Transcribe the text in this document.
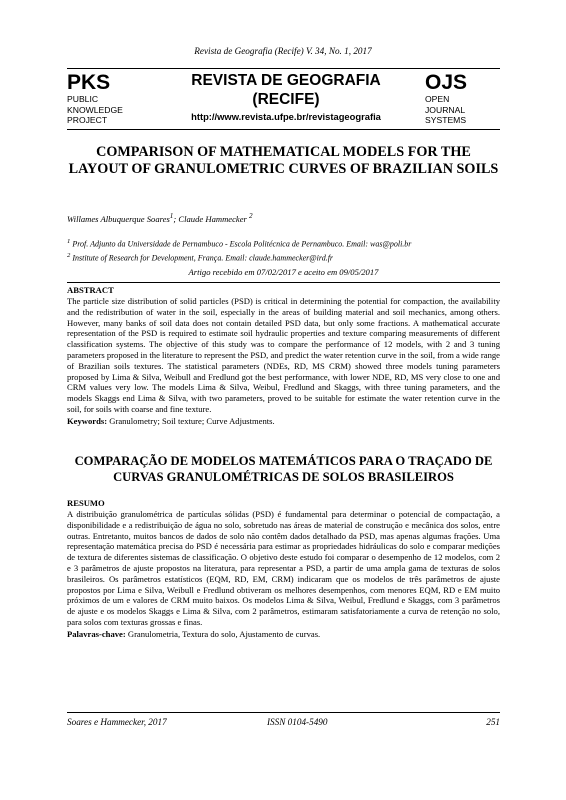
Revista de Geografia (Recife) V. 34, No. 1, 2017
PKS
PUBLIC
KNOWLEDGE
PROJECT
REVISTA DE GEOGRAFIA
(RECIFE)
http://www.revista.ufpe.br/revistageografia
OJS
OPEN
JOURNAL
SYSTEMS
COMPARISON OF MATHEMATICAL MODELS FOR THE LAYOUT OF GRANULOMETRIC CURVES OF BRAZILIAN SOILS
Willames Albuquerque Soares$^1$; Claude Hammecker $^2$
$^1$ Prof. Adjunto da Universidade de Pernambuco - Escola Politécnica de Pernambuco. Email: was@poli.br
$^2$ Institute of Research for Development, França. Email: claude.hammecker@ird.fr
Artigo recebido em 07/02/2017 e aceito em 09/05/2017
ABSTRACT
The particle size distribution of solid particles (PSD) is critical in determining the potential for compaction, the availability and the redistribution of water in the soil, especially in the areas of building material and soil mechanics, among others. However, many banks of soil data does not contain detailed PSD data, but only some fractions. A mathematical accurate representation of the PSD is required to estimate soil hydraulic properties and texture comparing measurements of different classification systems. The objective of this study was to compare the performance of 12 models, with 2 and 3 tuning parameters proposed in the literature to represent the PSD, and predict the water retention curve in the soil, from a wide range of Brazilian soils textures. The statistical parameters (NDEs, RD, MS CRM) showed three models tuning parameters proposed by Lima & Silva, Weibull and Fredlund got the best performance, with lower NDE, RD, MS very close to one and CRM values very low. The models Lima & Silva, Weibul, Fredlund and Skaggs, with three tuning parameters, and the models Skaggs end Lima & Silva, with two parameters, proved to be suitable for estimate the water retention curve in the soil, for soils with coarse and fine texture.
Keywords: Granulometry; Soil texture; Curve Adjustments.
COMPARAÇÃO DE MODELOS MATEMÁTICOS PARA O TRAÇADO DE CURVAS GRANULOMÉTRICAS DE SOLOS BRASILEIROS
RESUMO
A distribuição granulométrica de partículas sólidas (PSD) é fundamental para determinar o potencial de compactação, a disponibilidade e a redistribuição de água no solo, sobretudo nas áreas de material de construção e mecânica dos solos, entre outras. Entretanto, muitos bancos de dados de solo não contêm dados detalhado da PSD, mas apenas algumas frações. Uma representação matemática precisa do PSD é necessária para estimar as propriedades hidráulicas do solo e comparar medições de textura de diferentes sistemas de classificação. O objetivo deste estudo foi comparar o desempenho de 12 modelos, com 2 e 3 parâmetros de ajuste propostos na literatura, para representar a PSD, a partir de uma ampla gama de texturas de solos brasileiros. Os parâmetros estatísticos (EQM, RD, EM, CRM) indicaram que os modelos de três parâmetros de ajuste propostos por Lima e Silva, Weibull e Fredlund obtiveram os melhores desempenhos, com menores EQM, RD e EM muito próximos de um e valores de CRM muito baixos. Os modelos Lima & Silva, Weibul, Fredlund e Skaggs, com 3 parâmetros de ajuste e os modelos Skaggs e Lima & Silva, com 2 parâmetros, estimaram satisfatoriamente a curva de retenção no solo, para solos com texturas grossas e finas.
Palavras-chave: Granulometria, Textura do solo, Ajustamento de curvas.
Soares e Hammecker, 2017	ISSN 0104-5490	251
